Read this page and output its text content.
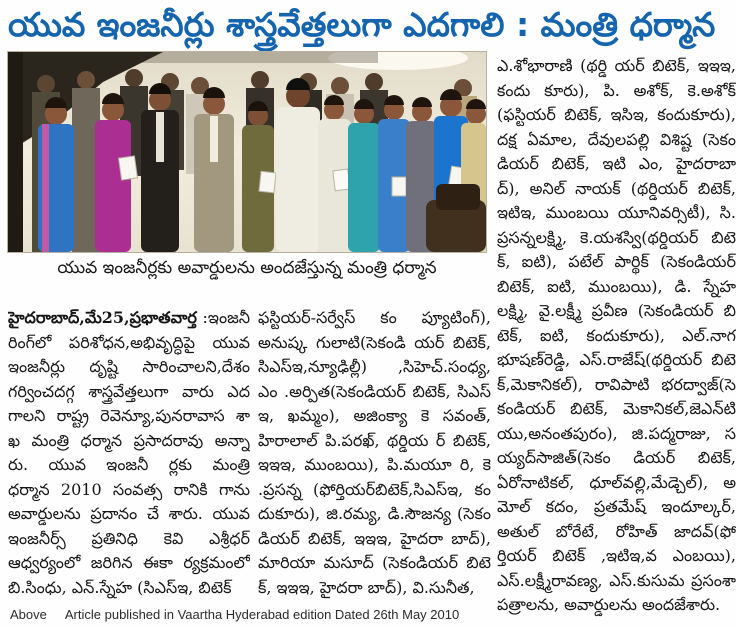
యువ ఇంజనీర్లు శాస్త్రవేత్తలుగా ఎదగాలి : మంత్రి ధర్మాన
యువ ఇంజనీర్లకు అవార్డులను అందజేస్తున్న మంత్రి ధర్మాన
హైదరాబాద్,మే25,ప్రభాతవార్త :ఇంజనీ
రింగ్‌లో పరిశోధన,అభివృద్ధిపై యువ
ఇంజనీర్లు దృష్టి సారించాలని,దేశం
గర్వించదగ్గ శాస్త్రవేత్తలుగా వారు ఎద
గాలని రాష్ట్ర రెవెన్యూ,పునరావాస శా
ఖ మంత్రి ధర్మాన ప్రసాదరావు అన్నా
రు. యువ ఇంజనీ ర్లకు మంత్రి
ధర్మాన 2010 సంవత్స రానికి గాను
అవార్డులను ప్రదానం చే శారు. యువ
ఇంజనీర్స్ ప్రతినిధి కెవి ఎశ్రీధర్
ఆధ్వర్యంలో జరిగిన ఈకా ర్యక్రమంలో
బి.సింధు, ఎన్.స్నేహ (సిఎస్‌ఇ, బిటెక్
ఫస్టియర్-సర్వేస్ కం ప్యూటింగ్),
అనుష్క గులాటి(సెకండి యర్ బిటెక్,
సిఎస్‌ఇ,న్యూఢిల్లీ) ,సిహెచ్.సంధ్య,
ఎం .అర్పిత(సెకండియర్ బిటెక్, సిఎస్
ఇ, ఖమ్మం), అజింక్యా కె సవంత్,
హిరాలాల్ పి.పరఖ్, థర్డియ ర్ బిటెక్,
ఇఇఇ, ముంబయి), పి.మయూ రి, కె
.ప్రసన్న (ఫోర్తియర్‌బిటెక్,సిఎస్‌ఇ, కం
దుకూరు), జి.రమ్య, డి.సౌజన్య (సెకం
డియర్ బిటెక్, ఇఇఇ, హైదరా బాద్),
మారియా మసూద్ (సెకండియర్ బిటె
క్, ఇఇఇ, హైదరా బాద్), వి.సునీత,
ఎ.శోభారాణి (థర్డి యర్ బిటెక్, ఇఇఇ,
కందు కూరు), పి. అశోక్, కె.అశోక్
(ఫస్టియర్ బిటెక్, ఇసిఇ, కందుకూరు),
దక్ష ఏమాల, దేవులపల్లి విశిష్ట (సెకం
డియర్ బిటెక్, ఇటి ఎం, హైదరాబా
ద్), అనిల్ నాయక్ (థర్డియర్ బిటెక్,
ఇటిఇ, ముంబయి యూనివర్సిటీ), సి.
ప్రసన్నలక్ష్మి, కె.యశస్వి(థర్డియర్ బిటె
క్, ఐటి), పటేల్ పార్థిక్ (సెకండియర్
బిటెక్, ఐటి, ముంబయి), డి. స్నేహ
లక్ష్మి, వై.లక్ష్మీ ప్రవీణ (సెకండియర్ బి
టెక్, ఐటి, కందుకూరు), ఎల్.నాగ
భూషణ్‌రెడ్డి, ఎస్.రాజేష్(థర్డియర్ బిటె
క్,మెకానికల్), రావిపాటి భరద్వాజ్(సె
కండియర్ బిటెక్, మెకానికల్,జెఎన్‌టి
యు,అనంతపురం), జి.పద్మరాజు, స
య్యద్‌సాజిత్(సెకం డియర్ బిటెక్,
ఏరోనాటికల్, ధూల్‌వల్లి,మేడ్చెల్), అ
మోల్ కదం, ప్రతమేష్ ఇందూల్కర్,
అతుల్ బోరేటే, రోహిత్ జాదవ్(ఫో
ర్తియర్ బిటెక్ ,ఇటిఇ,వ ఎంబయి),
ఎస్.లక్ష్మీరావణ్య, ఎస్.కుసుమ ప్రసంశా
పత్రాలను, అవార్డులను అందజేశారు.
Above Article published in Vaartha Hyderabad edition Dated 26th May 2010
